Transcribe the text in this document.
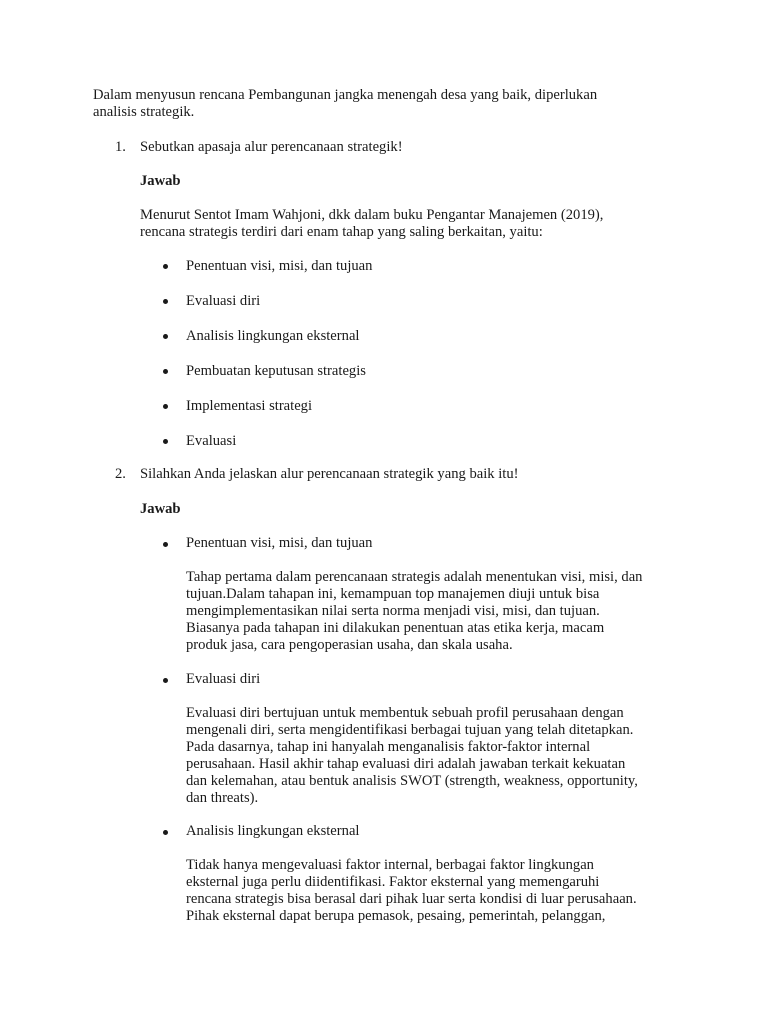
Dalam menyusun rencana Pembangunan jangka menengah desa yang baik, diperlukan
analisis strategik.
1. Sebutkan apasaja alur perencanaan strategik!
Jawab
Menurut Sentot Imam Wahjoni, dkk dalam buku Pengantar Manajemen (2019),
rencana strategis terdiri dari enam tahap yang saling berkaitan, yaitu:
Penentuan visi, misi, dan tujuan
Evaluasi diri
Analisis lingkungan eksternal
Pembuatan keputusan strategis
Implementasi strategi
Evaluasi
2. Silahkan Anda jelaskan alur perencanaan strategik yang baik itu!
Jawab
Penentuan visi, misi, dan tujuan
Tahap pertama dalam perencanaan strategis adalah menentukan visi, misi, dan
tujuan.Dalam tahapan ini, kemampuan top manajemen diuji untuk bisa
mengimplementasikan nilai serta norma menjadi visi, misi, dan tujuan.
Biasanya pada tahapan ini dilakukan penentuan atas etika kerja, macam
produk jasa, cara pengoperasian usaha, dan skala usaha.
Evaluasi diri
Evaluasi diri bertujuan untuk membentuk sebuah profil perusahaan dengan
mengenali diri, serta mengidentifikasi berbagai tujuan yang telah ditetapkan.
Pada dasarnya, tahap ini hanyalah menganalisis faktor-faktor internal
perusahaan. Hasil akhir tahap evaluasi diri adalah jawaban terkait kekuatan
dan kelemahan, atau bentuk analisis SWOT (strength, weakness, opportunity,
dan threats).
Analisis lingkungan eksternal
Tidak hanya mengevaluasi faktor internal, berbagai faktor lingkungan
eksternal juga perlu diidentifikasi. Faktor eksternal yang memengaruhi
rencana strategis bisa berasal dari pihak luar serta kondisi di luar perusahaan.
Pihak eksternal dapat berupa pemasok, pesaing, pemerintah, pelanggan,
